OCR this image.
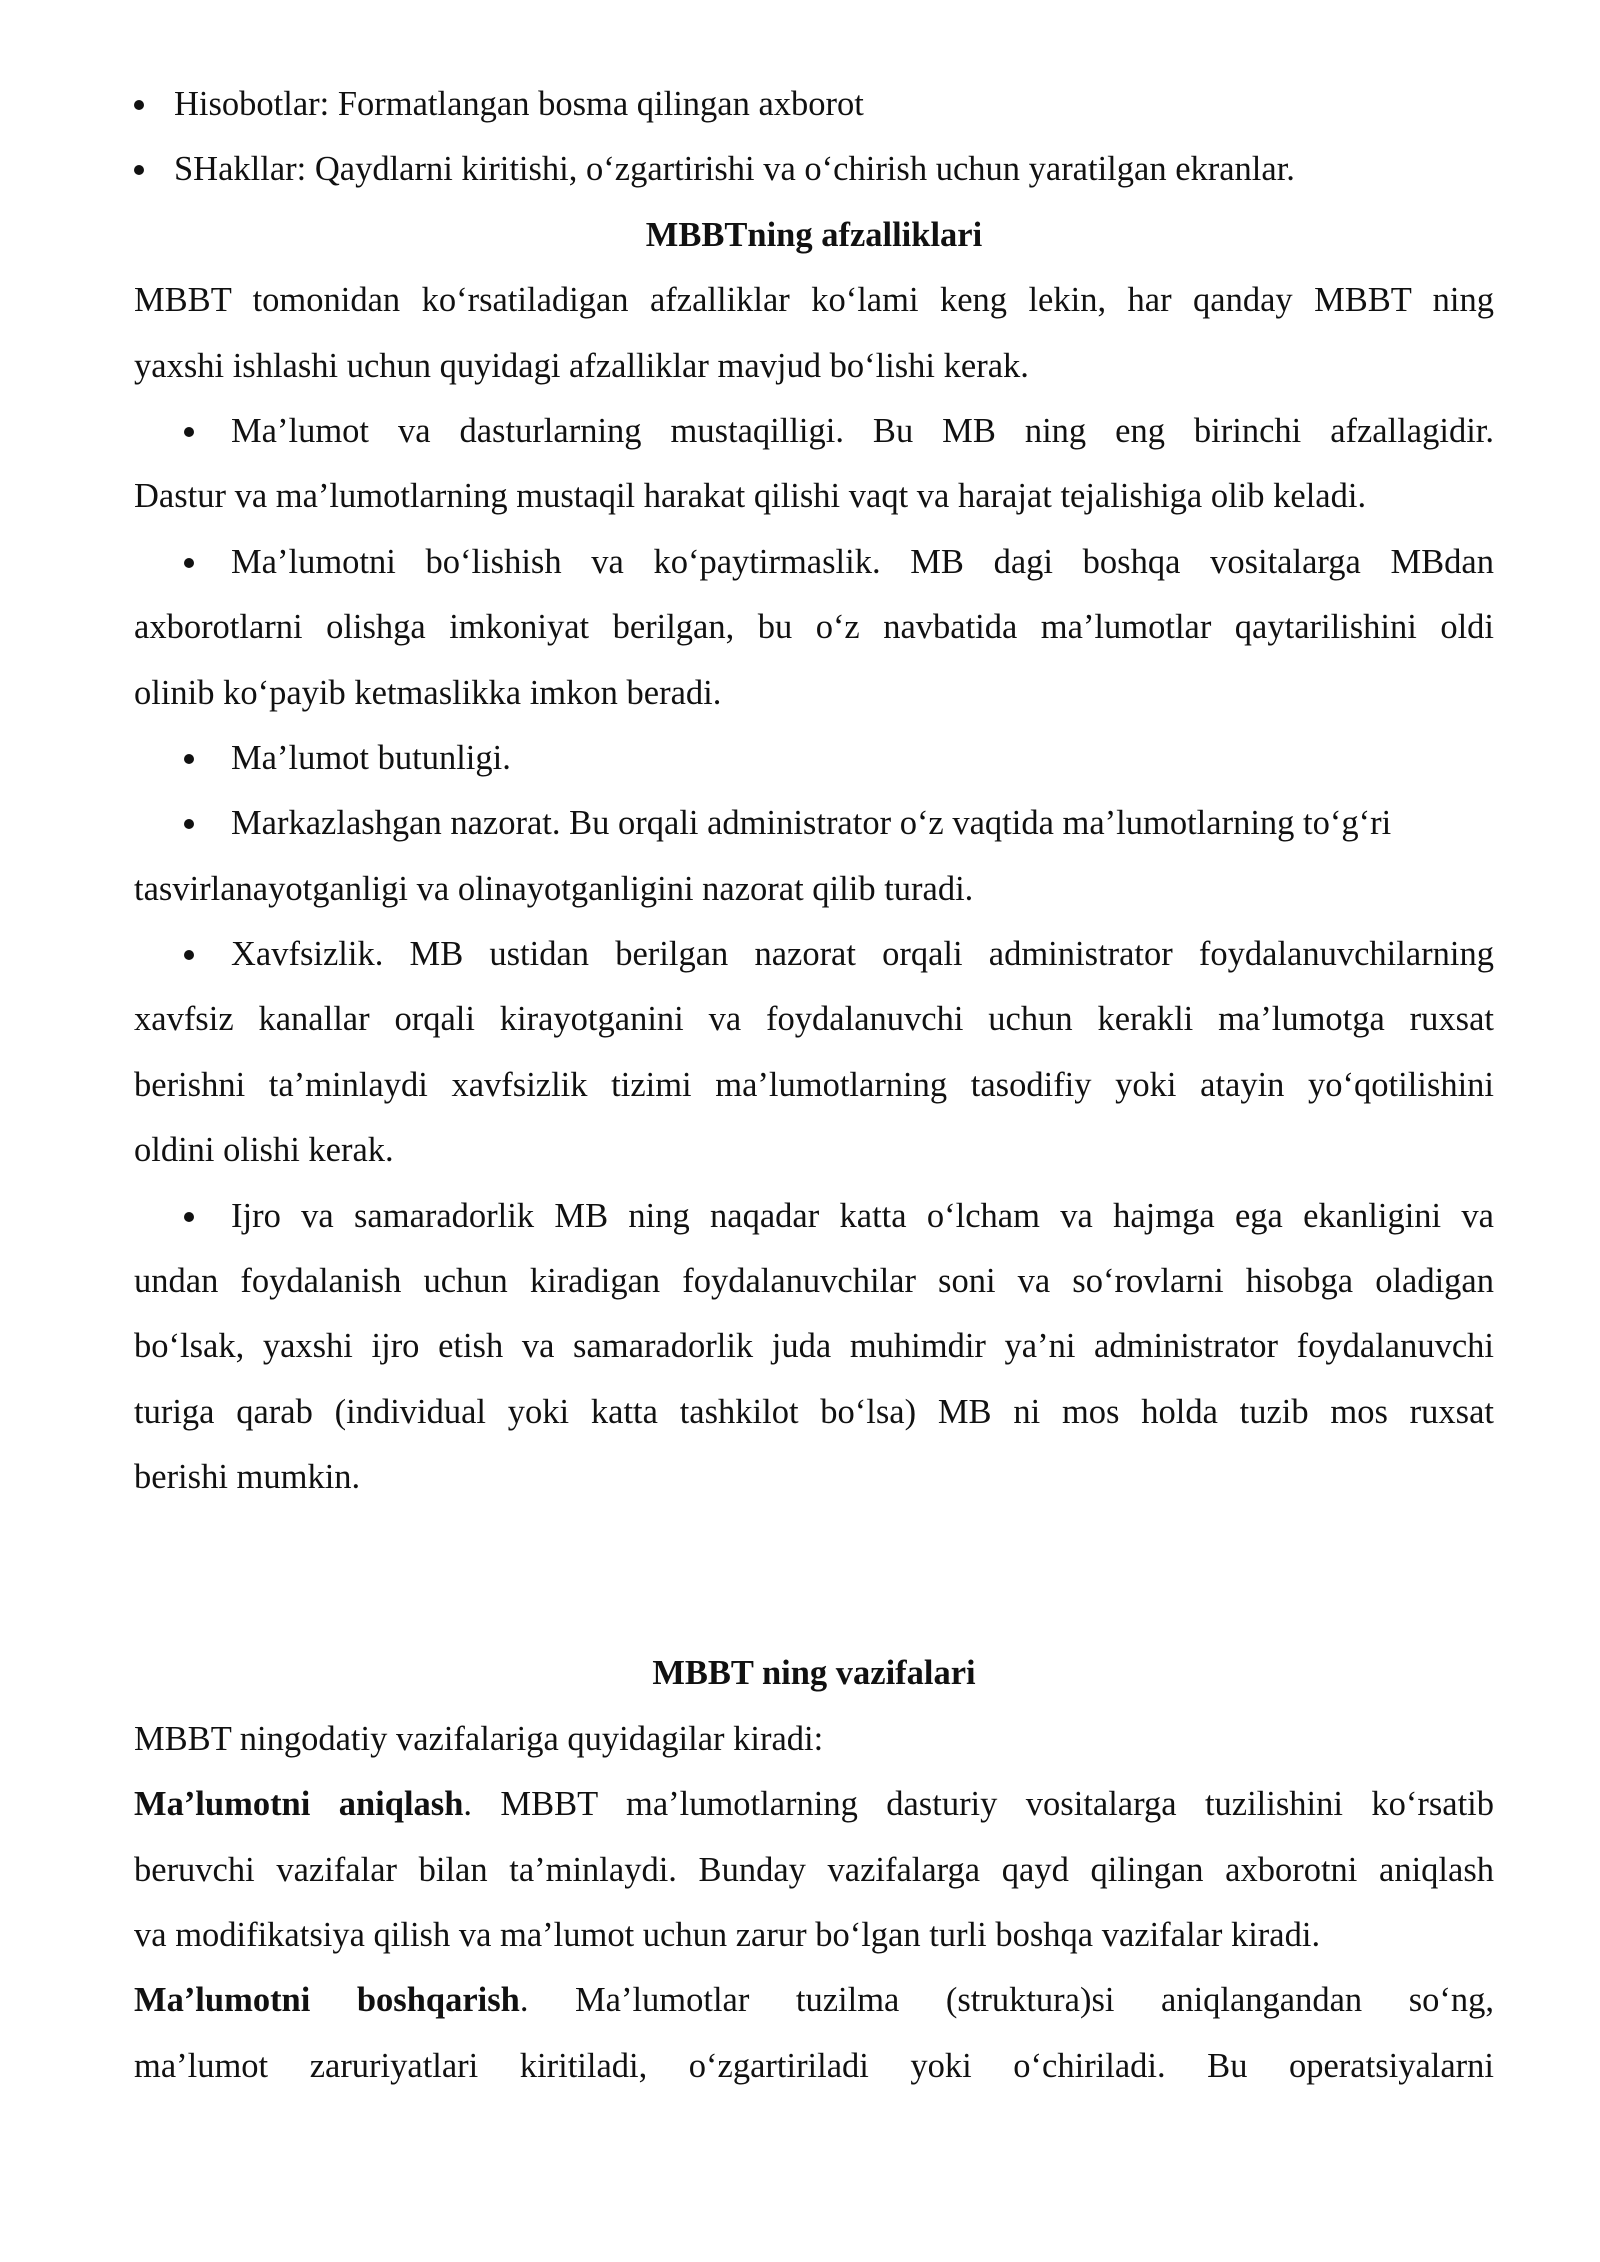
Hisobotlar: Formatlangan bosma qilingan axborot
SHakllar: Qaydlarni kiritishi, o‘zgartirishi va o‘chirish uchun yaratilgan ekranlar.
MBBTning afzalliklari
MBBT tomonidan ko‘rsatiladigan afzalliklar ko‘lami keng lekin, har qanday MBBT ning
yaxshi ishlashi uchun quyidagi afzalliklar mavjud bo‘lishi kerak.
Ma’lumot va dasturlarning mustaqilligi. Bu MB ning eng birinchi afzallagidir.
Dastur va ma’lumotlarning mustaqil harakat qilishi vaqt va harajat tejalishiga olib keladi.
Ma’lumotni bo‘lishish va ko‘paytirmaslik. MB dagi boshqa vositalarga MBdan
axborotlarni olishga imkoniyat berilgan, bu o‘z navbatida ma’lumotlar qaytarilishini oldi
olinib ko‘payib ketmaslikka imkon beradi.
Ma’lumot butunligi.
Markazlashgan nazorat. Bu orqali administrator o‘z vaqtida ma’lumotlarning to‘g‘ri
tasvirlanayotganligi va olinayotganligini nazorat qilib turadi.
Xavfsizlik. MB ustidan berilgan nazorat orqali administrator foydalanuvchilarning
xavfsiz kanallar orqali kirayotganini va foydalanuvchi uchun kerakli ma’lumotga ruxsat
berishni ta’minlaydi xavfsizlik tizimi ma’lumotlarning tasodifiy yoki atayin yo‘qotilishini
oldini olishi kerak.
Ijro va samaradorlik MB ning naqadar katta o‘lcham va hajmga ega ekanligini va
undan foydalanish uchun kiradigan foydalanuvchilar soni va so‘rovlarni hisobga oladigan
bo‘lsak, yaxshi ijro etish va samaradorlik juda muhimdir ya’ni administrator foydalanuvchi
turiga qarab (individual yoki katta tashkilot bo‘lsa) MB ni mos holda tuzib mos ruxsat
berishi mumkin.
MBBT ning vazifalari
MBBT ningodatiy vazifalariga quyidagilar kiradi:
Ma’lumotni aniqlash. MBBT ma’lumotlarning dasturiy vositalarga tuzilishini ko‘rsatib
beruvchi vazifalar bilan ta’minlaydi. Bunday vazifalarga qayd qilingan axborotni aniqlash
va modifikatsiya qilish va ma’lumot uchun zarur bo‘lgan turli boshqa vazifalar kiradi.
Ma’lumotni boshqarish. Ma’lumotlar tuzilma (struktura)si aniqlangandan so‘ng,
ma’lumot zaruriyatlari kiritiladi, o‘zgartiriladi yoki o‘chiriladi. Bu operatsiyalarni
